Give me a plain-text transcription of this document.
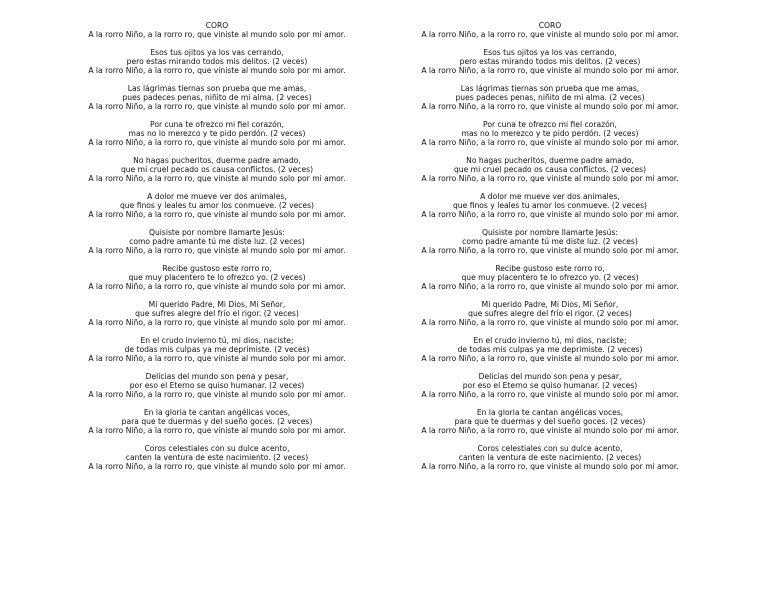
CORO
A la rorro Niño, a la rorro ro, que viniste al mundo solo por mi amor.
Esos tus ojitos ya los vas cerrando,
pero estas mirando todos mis delitos. (2 veces)
A la rorro Niño, a la rorro ro, que viniste al mundo solo por mi amor.
Las lágrimas tiernas son prueba que me amas,
pues padeces penas, niñito de mi alma. (2 veces)
A la rorro Niño, a la rorro ro, que viniste al mundo solo por mi amor.
Por cuna te ofrezco mi fiel corazón,
mas no lo merezco y te pido perdón. (2 veces)
A la rorro Niño, a la rorro ro, que viniste al mundo solo por mi amor.
No hagas pucheritos, duerme padre amado,
que mi cruel pecado os causa conflictos. (2 veces)
A la rorro Niño, a la rorro ro, que viniste al mundo solo por mi amor.
A dolor me mueve ver dos animales,
que finos y leales tu amor los conmueve. (2 veces)
A la rorro Niño, a la rorro ro, que viniste al mundo solo por mi amor.
Quisiste por nombre llamarte Jesús:
como padre amante tú me diste luz. (2 veces)
A la rorro Niño, a la rorro ro, que viniste al mundo solo por mi amor.
Recibe gustoso este rorro ro,
que muy placentero te lo ofrezco yo. (2 veces)
A la rorro Niño, a la rorro ro, que viniste al mundo solo por mi amor.
Mi querido Padre, Mi Dios, Mi Señor,
que sufres alegre del frío el rigor. (2 veces)
A la rorro Niño, a la rorro ro, que viniste al mundo solo por mi amor.
En el crudo invierno tú, mi dios, naciste;
de todas mis culpas ya me deprimiste. (2 veces)
A la rorro Niño, a la rorro ro, que viniste al mundo solo por mi amor.
Delicias del mundo son pena y pesar,
por eso el Eterno se quiso humanar. (2 veces)
A la rorro Niño, a la rorro ro, que viniste al mundo solo por mi amor.
En la gloria te cantan angélicas voces,
para que te duermas y del sueño goces. (2 veces)
A la rorro Niño, a la rorro ro, que viniste al mundo solo por mi amor.
Coros celestiales con su dulce acento,
canten la ventura de este nacimiento. (2 veces)
A la rorro Niño, a la rorro ro, que viniste al mundo solo por mi amor.
CORO
A la rorro Niño, a la rorro ro, que viniste al mundo solo por mi amor.
Esos tus ojitos ya los vas cerrando,
pero estas mirando todos mis delitos. (2 veces)
A la rorro Niño, a la rorro ro, que viniste al mundo solo por mi amor.
Las lágrimas tiernas son prueba que me amas,
pues padeces penas, niñito de mi alma. (2 veces)
A la rorro Niño, a la rorro ro, que viniste al mundo solo por mi amor.
Por cuna te ofrezco mi fiel corazón,
mas no lo merezco y te pido perdón. (2 veces)
A la rorro Niño, a la rorro ro, que viniste al mundo solo por mi amor.
No hagas pucheritos, duerme padre amado,
que mi cruel pecado os causa conflictos. (2 veces)
A la rorro Niño, a la rorro ro, que viniste al mundo solo por mi amor.
A dolor me mueve ver dos animales,
que finos y leales tu amor los conmueve. (2 veces)
A la rorro Niño, a la rorro ro, que viniste al mundo solo por mi amor.
Quisiste por nombre llamarte Jesús:
como padre amante tú me diste luz. (2 veces)
A la rorro Niño, a la rorro ro, que viniste al mundo solo por mi amor.
Recibe gustoso este rorro ro,
que muy placentero te lo ofrezco yo. (2 veces)
A la rorro Niño, a la rorro ro, que viniste al mundo solo por mi amor.
Mi querido Padre, Mi Dios, Mi Señor,
que sufres alegre del frío el rigor. (2 veces)
A la rorro Niño, a la rorro ro, que viniste al mundo solo por mi amor.
En el crudo invierno tú, mi dios, naciste;
de todas mis culpas ya me deprimiste. (2 veces)
A la rorro Niño, a la rorro ro, que viniste al mundo solo por mi amor.
Delicias del mundo son pena y pesar,
por eso el Eterno se quiso humanar. (2 veces)
A la rorro Niño, a la rorro ro, que viniste al mundo solo por mi amor.
En la gloria te cantan angélicas voces,
para que te duermas y del sueño goces. (2 veces)
A la rorro Niño, a la rorro ro, que viniste al mundo solo por mi amor.
Coros celestiales con su dulce acento,
canten la ventura de este nacimiento. (2 veces)
A la rorro Niño, a la rorro ro, que viniste al mundo solo por mi amor.
